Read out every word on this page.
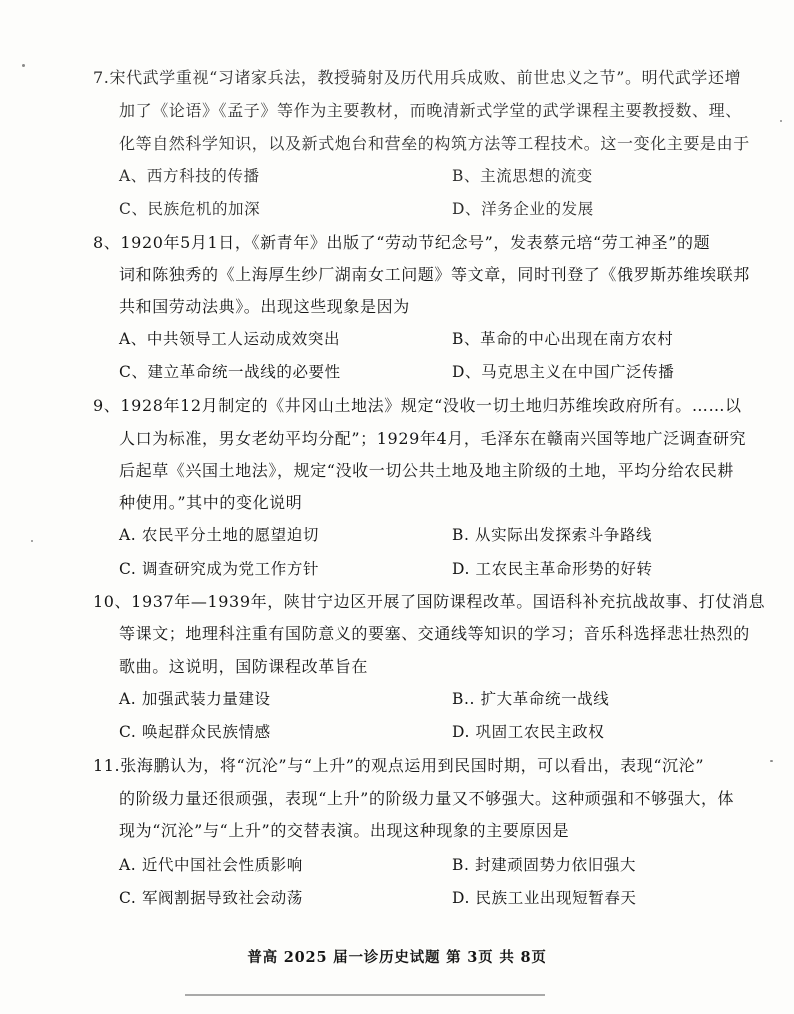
7.宋代武学重视“习诸家兵法，教授骑射及历代用兵成败、前世忠义之节”。明代武学还增
加了《论语》《孟子》等作为主要教材，而晚清新式学堂的武学课程主要教授数、理、
化等自然科学知识，以及新式炮台和营垒的构筑方法等工程技术。这一变化主要是由于
A、西方科技的传播	B、主流思想的流变
C、民族危机的加深	D、洋务企业的发展
8、1920年5月1日，《新青年》出版了“劳动节纪念号”，发表蔡元培“劳工神圣”的题
词和陈独秀的《上海厚生纱厂湖南女工问题》等文章，同时刊登了《俄罗斯苏维埃联邦
共和国劳动法典》。出现这些现象是因为
A、中共领导工人运动成效突出	B、革命的中心出现在南方农村
C、建立革命统一战线的必要性	D、马克思主义在中国广泛传播
9、1928年12月制定的《井冈山土地法》规定“没收一切土地归苏维埃政府所有。……以
人口为标准，男女老幼平均分配”；1929年4月，毛泽东在赣南兴国等地广泛调查研究
后起草《兴国土地法》，规定“没收一切公共土地及地主阶级的土地，平均分给农民耕
种使用。”其中的变化说明
A. 农民平分土地的愿望迫切	B. 从实际出发探索斗争路线
C. 调查研究成为党工作方针	D. 工农民主革命形势的好转
10、1937年—1939年，陕甘宁边区开展了国防课程改革。国语科补充抗战故事、打仗消息
等课文；地理科注重有国防意义的要塞、交通线等知识的学习；音乐科选择悲壮热烈的
歌曲。这说明，国防课程改革旨在
A. 加强武装力量建设	B.. 扩大革命统一战线
C. 唤起群众民族情感	D. 巩固工农民主政权
11.张海鹏认为，将“沉沦”与“上升”的观点运用到民国时期，可以看出，表现“沉沦”
的阶级力量还很顽强，表现“上升”的阶级力量又不够强大。这种顽强和不够强大，体
现为“沉沦”与“上升”的交替表演。出现这种现象的主要原因是
A. 近代中国社会性质影响	B. 封建顽固势力依旧强大
C. 军阀割据导致社会动荡	D. 民族工业出现短暂春天
普高 2025 届一诊历史试题 第 3页 共 8页
